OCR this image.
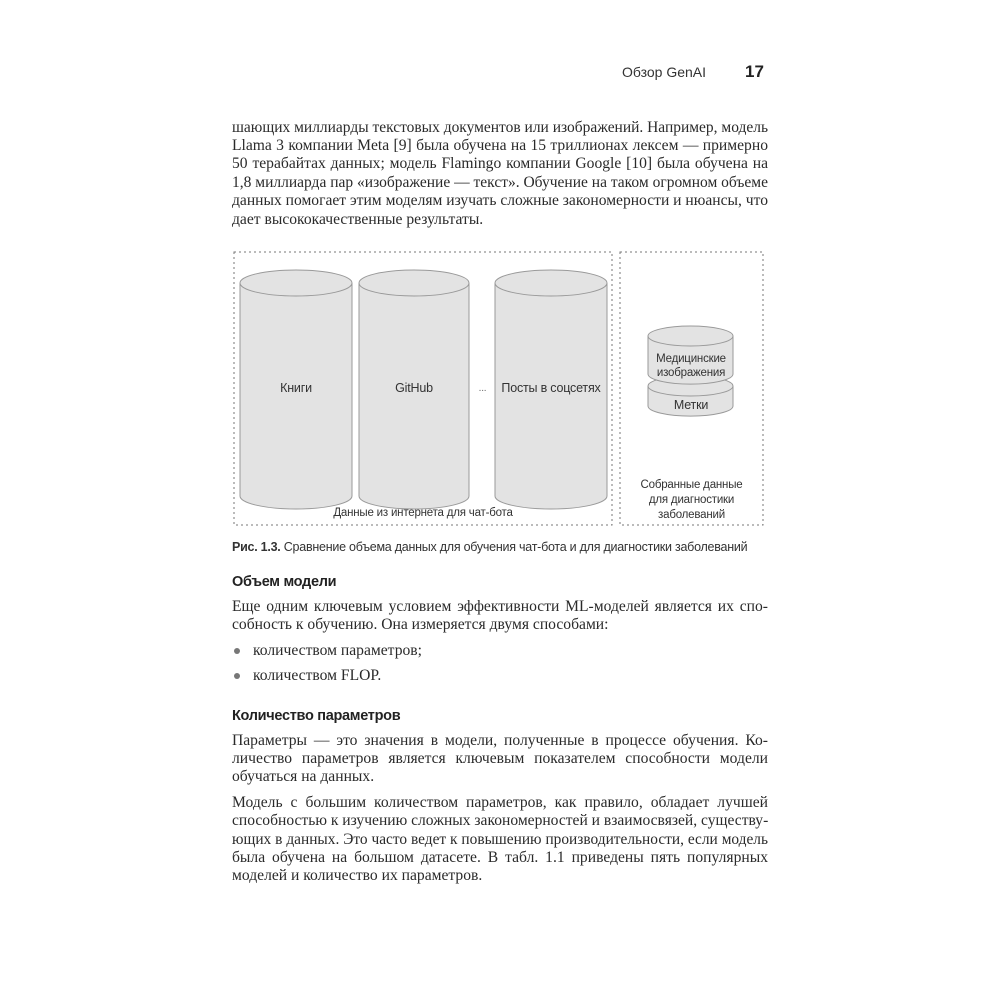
Обзор GenAI 17
шающих миллиарды текстовых документов или изображений. Например, модель
Llama 3 компании Meta [9] была обучена на 15 триллионах лексем — примерно
50 терабайтах данных; модель Flamingo компании Google [10] была обучена на
1,8 миллиарда пар «изображение — текст». Обучение на таком огромном объеме
данных помогает этим моделям изучать сложные закономерности и нюансы, что
дает высококачественные результаты.
Книги	GitHub	...	Посты в соцсетях
Медицинские
изображения
Метки
Данные из интернета для чат-бота
Собранные данные
для диагностики
заболеваний
Рис. 1.3. Сравнение объема данных для обучения чат-бота и для диагностики заболеваний
Объем модели
Еще одним ключевым условием эффективности ML-моделей является их спо-
собность к обучению. Она измеряется двумя способами:
количеством параметров;
количеством FLOP.
Количество параметров
Параметры — это значения в модели, полученные в процессе обучения. Ко-
личество параметров является ключевым показателем способности модели
обучаться на данных.
Модель с большим количеством параметров, как правило, обладает лучшей
способностью к изучению сложных закономерностей и взаимосвязей, существу-
ющих в данных. Это часто ведет к повышению производительности, если модель
была обучена на большом датасете. В табл. 1.1 приведены пять популярных
моделей и количество их параметров.
